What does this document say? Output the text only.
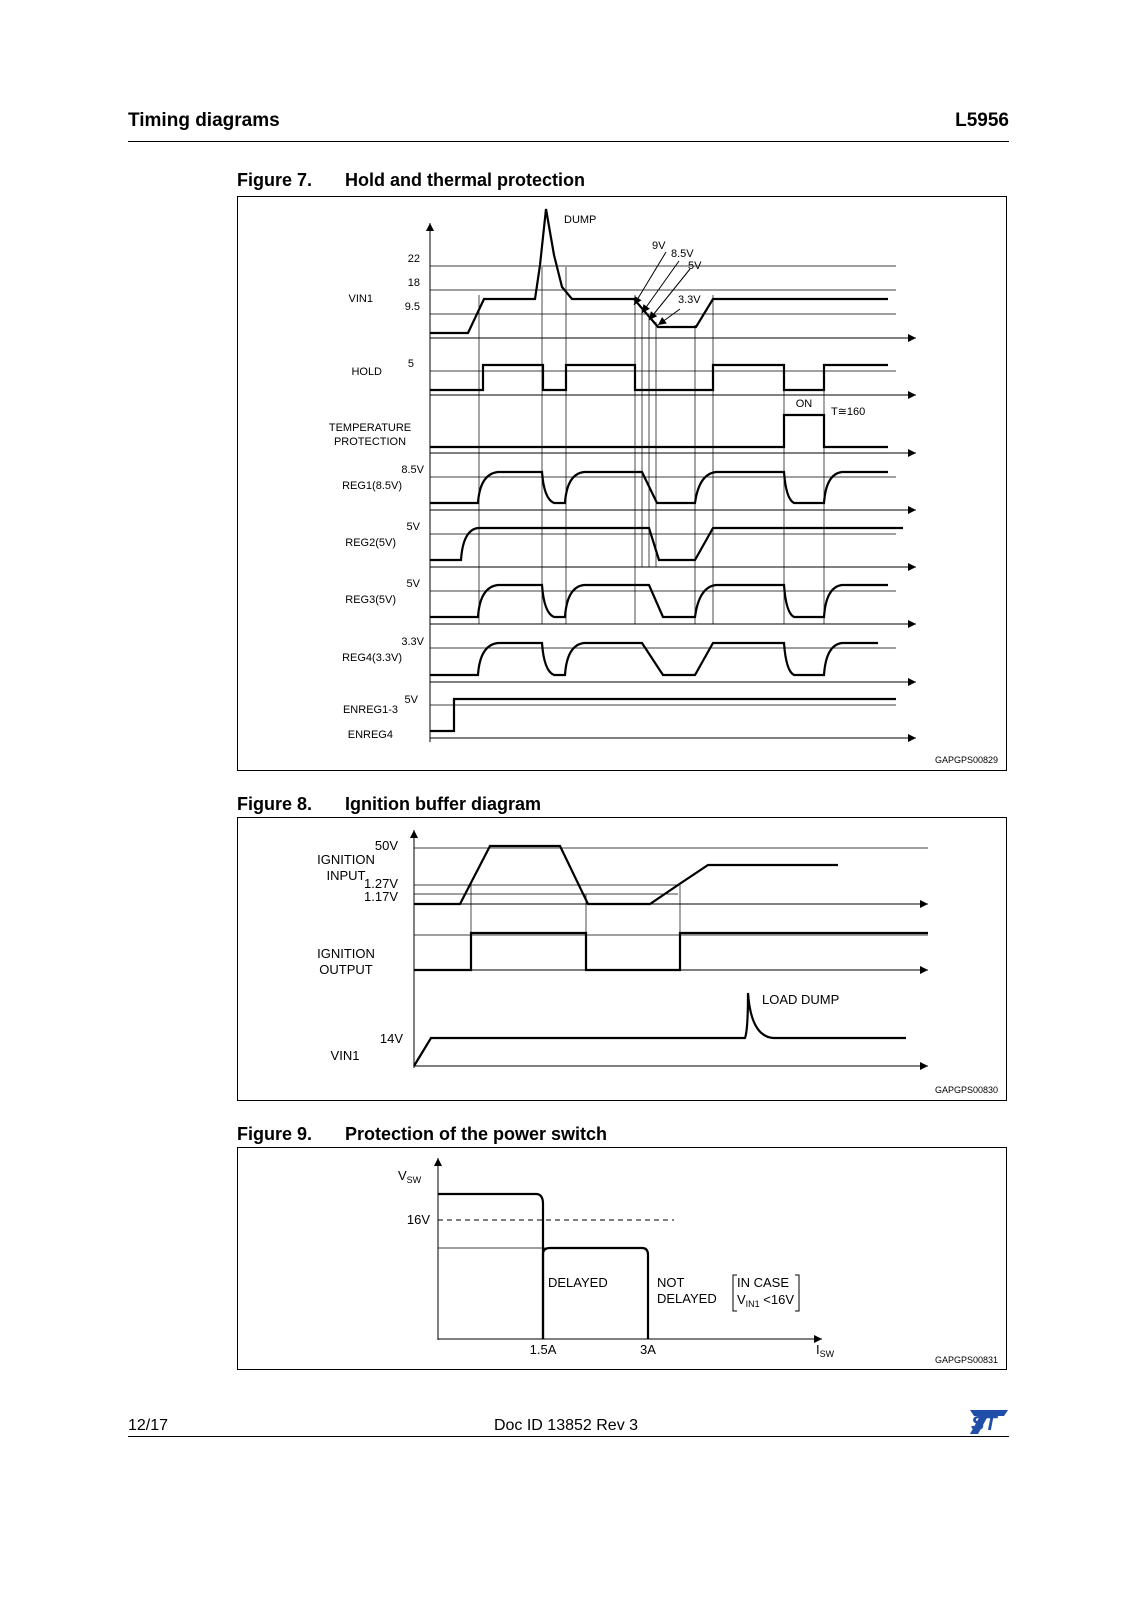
Timing diagrams	L5956
Figure 7. Hold and thermal protection
22
18
VIN1
9.5
DUMP
9V
8.5V
5V
3.3V
5
HOLD
TEMPERATURE
PROTECTION
ON
T≅160
8.5V
REG1(8.5V)
5V
REG2(5V)
5V
REG3(5V)
3.3V
REG4(3.3V)
5V
ENREG1-3
ENREG4
GAPGPS00829
Figure 8. Ignition buffer diagram
50V
IGNITION
INPUT
1.27V
1.17V
IGNITION
OUTPUT
LOAD DUMP
14V
VIN1
GAPGPS00830
Figure 9. Protection of the power switch
$V_{SW}$
16V
DELAYED	NOT
DELAYED
IN CASE
$V_{IN1} <16V$
1.5A	3A	$I_{SW}$
GAPGPS00831
12/17	Doc ID 13852 Rev 3	ST
